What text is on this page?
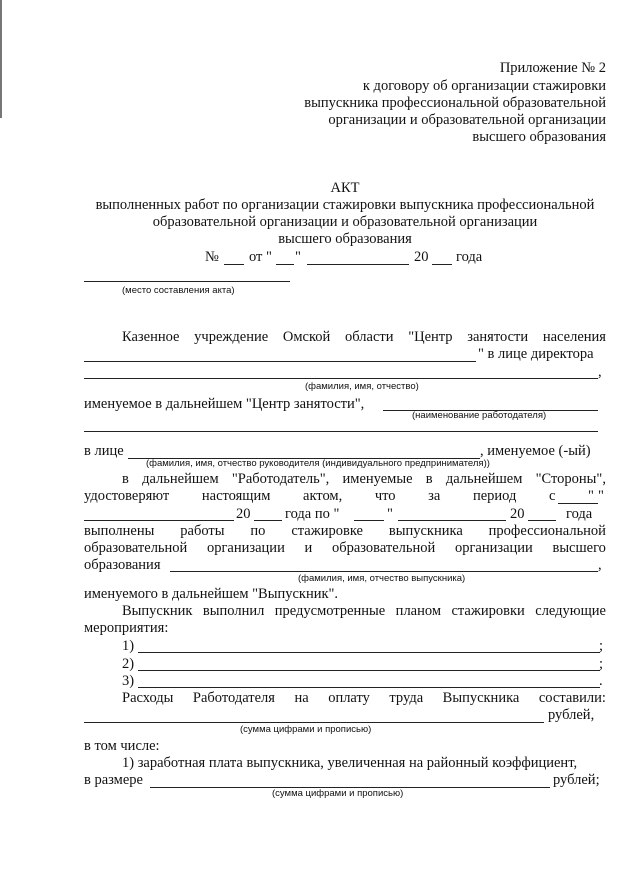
Приложение № 2
к договору об организации стажировки
выпускника профессиональной образовательной
организации и образовательной организации
высшего образования
АКТ
выполненных работ по организации стажировки выпускника профессиональной
образовательной организации и образовательной организации
высшего образования
№ от " "	20 года
(место составления акта)
Казенное учреждение Омской области "Центр занятости населения
" в лице директора
,
(фамилия, имя, отчество)
именуемое в дальнейшем "Центр занятости",
(наименование работодателя)
в лице	, именуемое (-ый)
(фамилия, имя, отчество руководителя (индивидуального предпринимателя))
в дальнейшем "Работодатель", именуемые в дальнейшем "Стороны",
удостоверяют настоящим актом, что за период с " "
20 года по "	"	20	года
выполнены работы по стажировке выпускника профессиональной
образовательной организации и образовательной организации высшего
образования	,
(фамилия, имя, отчество выпускника)
именуемого в дальнейшем "Выпускник".
Выпускник выполнил предусмотренные планом стажировки следующие
мероприятия:
1)	;
2)	;
3)	.
Расходы Работодателя на оплату труда Выпускника составили:
рублей,
(сумма цифрами и прописью)
в том числе:
1) заработная плата выпускника, увеличенная на районный коэффициент,
в размере	рублей;
(сумма цифрами и прописью)
